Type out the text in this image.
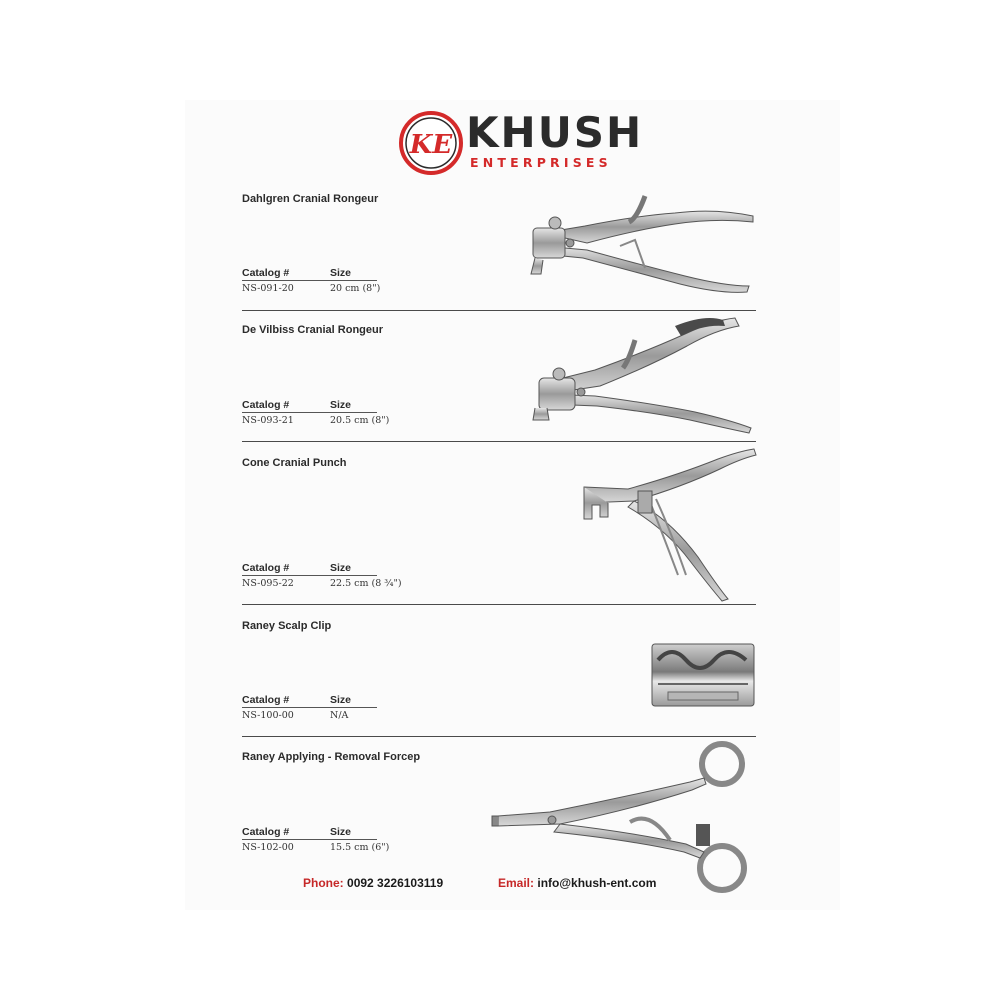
KE KHUSH
ENTERPRISES
Dahlgren Cranial Rongeur
Catalog #	Size
NS-091-20	20 cm (8")
De Vilbiss Cranial Rongeur
Catalog #	Size
NS-093-21	20.5 cm (8")
Cone Cranial Punch
Catalog #	Size
NS-095-22	22.5 cm (8 ¾")
Raney Scalp Clip
Catalog #	Size
NS-100-00	N/A
Raney Applying - Removal Forcep
Catalog #	Size
NS-102-00	15.5 cm (6")
Phone: 0092 3226103119	Email: info@khush-ent.com
